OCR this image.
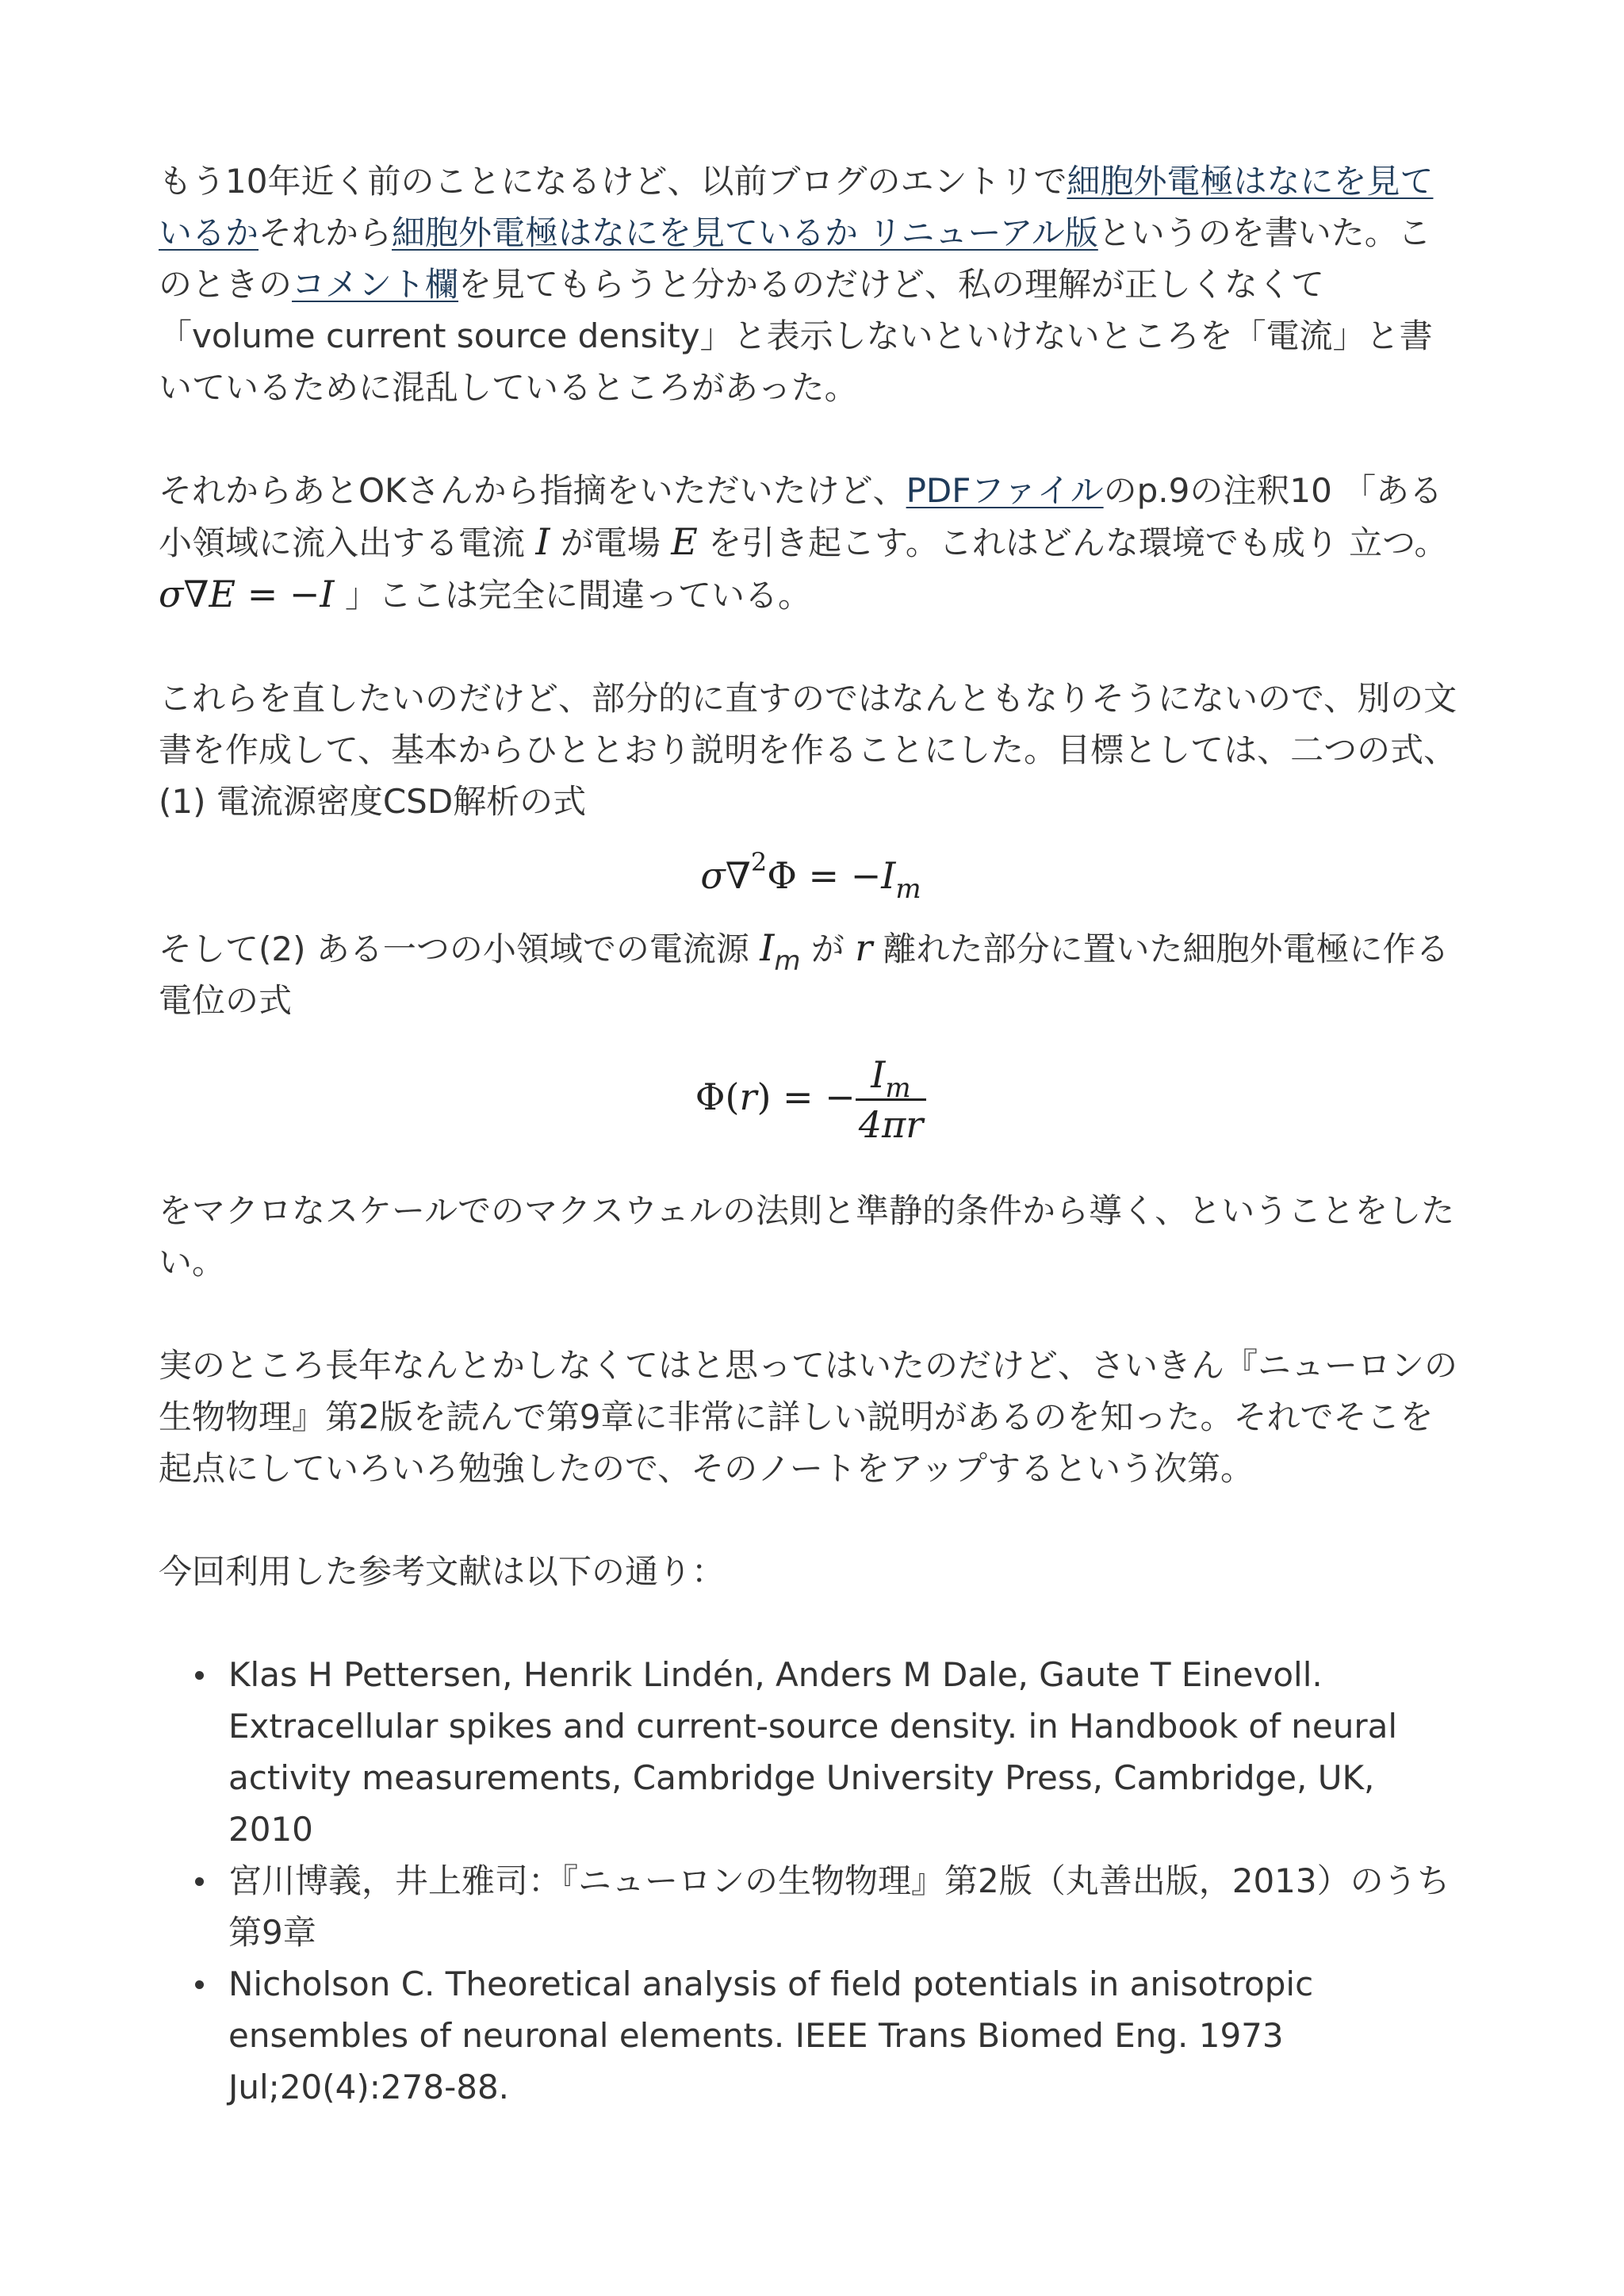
もう10年近く前のことになるけど、以前ブログのエントリで細胞外電極はなにを見ているかそれから細胞外電極はなにを見ているか リニューアル版というのを書いた。このときのコメント欄を見てもらうと分かるのだけど、私の理解が正しくなくて「volume current source density」と表示しないといけないところを「電流」と書いているために混乱しているところがあった。

それからあとOKさんから指摘をいただいたけど、PDFファイルのp.9の注釈10 「ある小領域に流入出する電流 I が電場 E を引き起こす。これはどんな環境でも成り 立つ。σ∇E = −I 」ここは完全に間違っている。

これらを直したいのだけど、部分的に直すのではなんともなりそうにないので、別の文書を作成して、基本からひととおり説明を作ることにした。目標としては、二つの式、(1) 電流源密度CSD解析の式

$\sigma\nabla^2\Phi = -I_m$

そして(2) ある一つの小領域での電流源 $I_m$ が r 離れた部分に置いた細胞外電極に作る電位の式

Φ(r) = − $\frac{I_m}{4\pi r}$

をマクロなスケールでのマクスウェルの法則と準静的条件から導く、ということをしたい。

実のところ長年なんとかしなくてはと思ってはいたのだけど、さいきん『ニューロンの生物物理』第2版を読んで第9章に非常に詳しい説明があるのを知った。それでそこを起点にしていろいろ勉強したので、そのノートをアップするという次第。

今回利用した参考文献は以下の通り：

Klas H Pettersen, Henrik Lindén, Anders M Dale, Gaute T Einevoll. Extracellular spikes and current-source density. in Handbook of neural activity measurements, Cambridge University Press, Cambridge, UK, 2010
宮川博義，井上雅司：『ニューロンの生物物理』第2版（丸善出版，2013）のうち第9章
Nicholson C. Theoretical analysis of field potentials in anisotropic ensembles of neuronal elements. IEEE Trans Biomed Eng. 1973 Jul;20(4):278-88.
